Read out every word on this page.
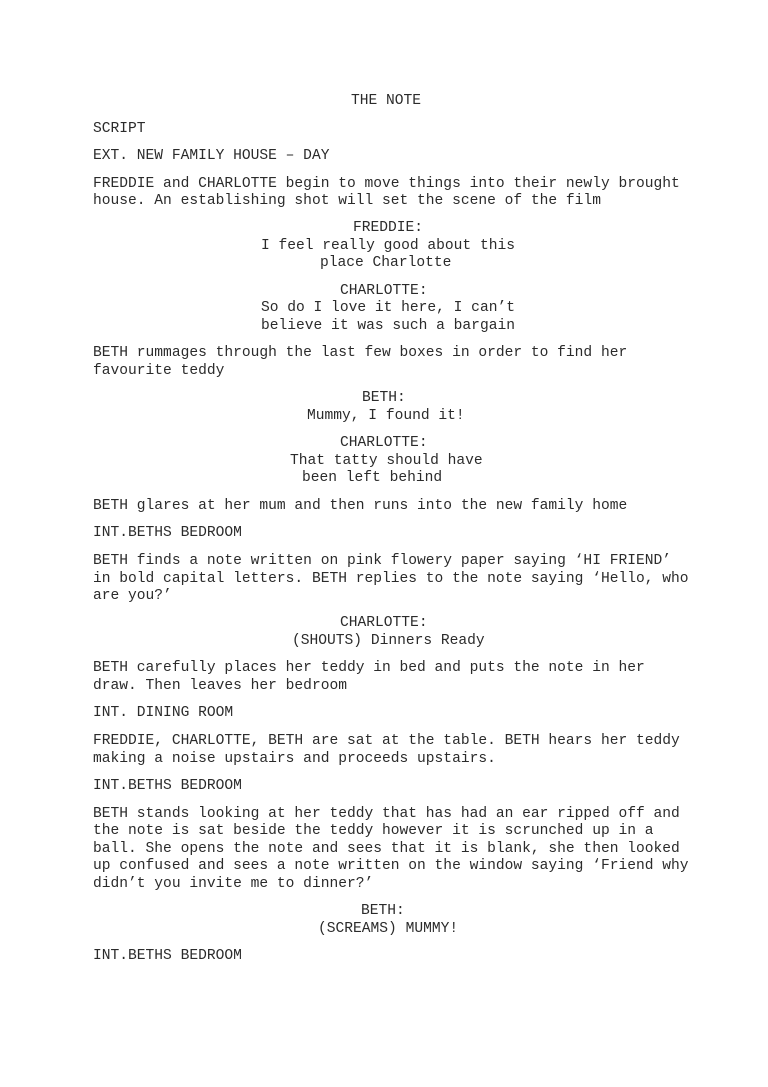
THE NOTE
SCRIPT
EXT. NEW FAMILY HOUSE – DAY
FREDDIE and CHARLOTTE begin to move things into their newly brought
house. An establishing shot will set the scene of the film
FREDDIE:
I feel really good about this
place Charlotte
CHARLOTTE:
So do I love it here, I can’t
believe it was such a bargain
BETH rummages through the last few boxes in order to find her
favourite teddy
BETH:
Mummy, I found it!
CHARLOTTE:
That tatty should have
been left behind
BETH glares at her mum and then runs into the new family home
INT.BETHS BEDROOM
BETH finds a note written on pink flowery paper saying ‘HI FRIEND’
in bold capital letters. BETH replies to the note saying ‘Hello, who
are you?’
CHARLOTTE:
(SHOUTS) Dinners Ready
BETH carefully places her teddy in bed and puts the note in her
draw. Then leaves her bedroom
INT. DINING ROOM
FREDDIE, CHARLOTTE, BETH are sat at the table. BETH hears her teddy
making a noise upstairs and proceeds upstairs.
INT.BETHS BEDROOM
BETH stands looking at her teddy that has had an ear ripped off and
the note is sat beside the teddy however it is scrunched up in a
ball. She opens the note and sees that it is blank, she then looked
up confused and sees a note written on the window saying ‘Friend why
didn’t you invite me to dinner?’
BETH:
(SCREAMS) MUMMY!
INT.BETHS BEDROOM
